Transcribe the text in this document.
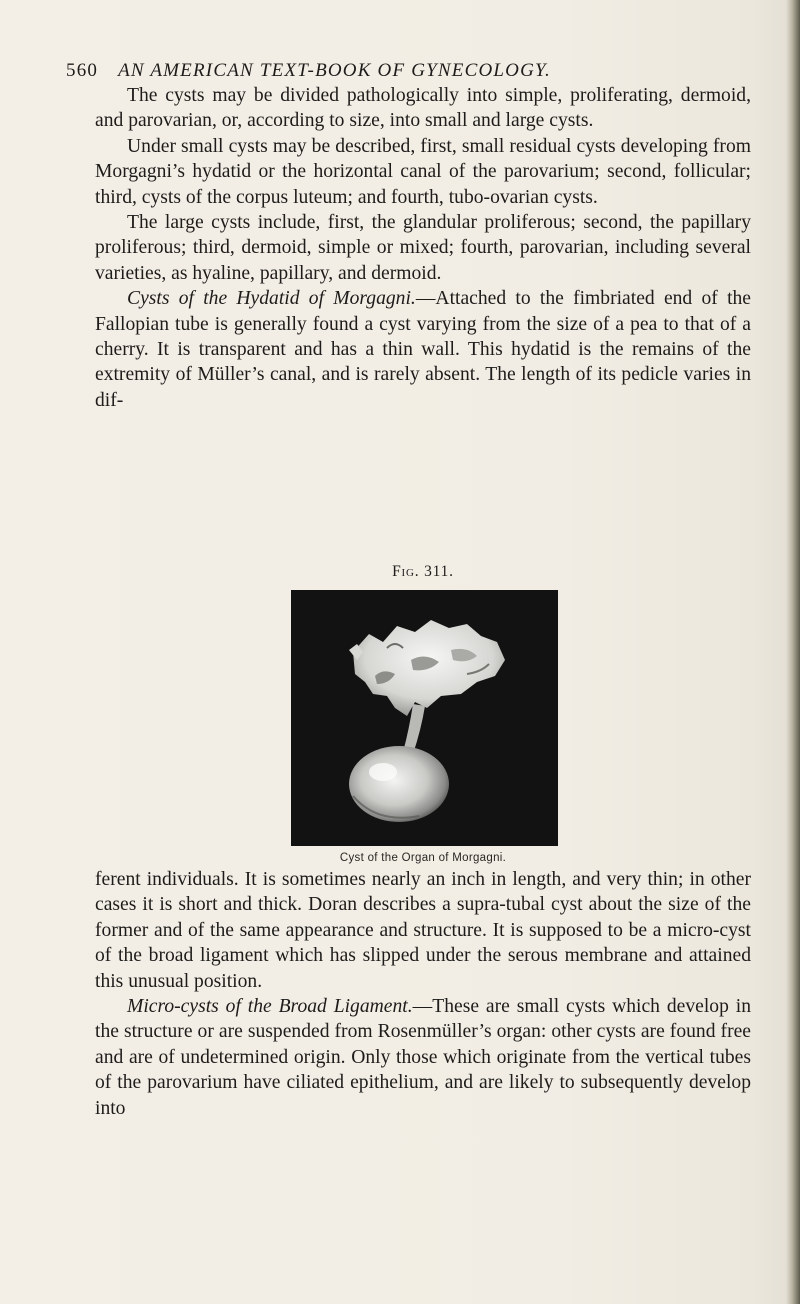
560 AN AMERICAN TEXT-BOOK OF GYNECOLOGY.

The cysts may be divided pathologically into simple, proliferating, dermoid, and parovarian, or, according to size, into small and large cysts.

Under small cysts may be described, first, small residual cysts developing from Morgagni’s hydatid or the horizontal canal of the parovarium; second, follicular; third, cysts of the corpus luteum; and fourth, tubo-ovarian cysts.

The large cysts include, first, the glandular proliferous; second, the papillary proliferous; third, dermoid, simple or mixed; fourth, parovarian, including several varieties, as hyaline, papillary, and dermoid.

Cysts of the Hydatid of Morgagni.—Attached to the fimbriated end of the Fallopian tube is generally found a cyst varying from the size of a pea to that of a cherry. It is transparent and has a thin wall. This hydatid is the remains of the extremity of Müller’s canal, and is rarely absent. The length of its pedicle varies in dif-

Fig. 311.
Cyst of the Organ of Morgagni.

ferent individuals. It is sometimes nearly an inch in length, and very thin; in other cases it is short and thick. Doran describes a supra-tubal cyst about the size of the former and of the same appearance and structure. It is supposed to be a micro-cyst of the broad ligament which has slipped under the serous membrane and attained this unusual position.

Micro-cysts of the Broad Ligament.—These are small cysts which develop in the structure or are suspended from Rosenmüller’s organ: other cysts are found free and are of undetermined origin. Only those which originate from the vertical tubes of the parovarium have ciliated epithelium, and are likely to subsequently develop into
